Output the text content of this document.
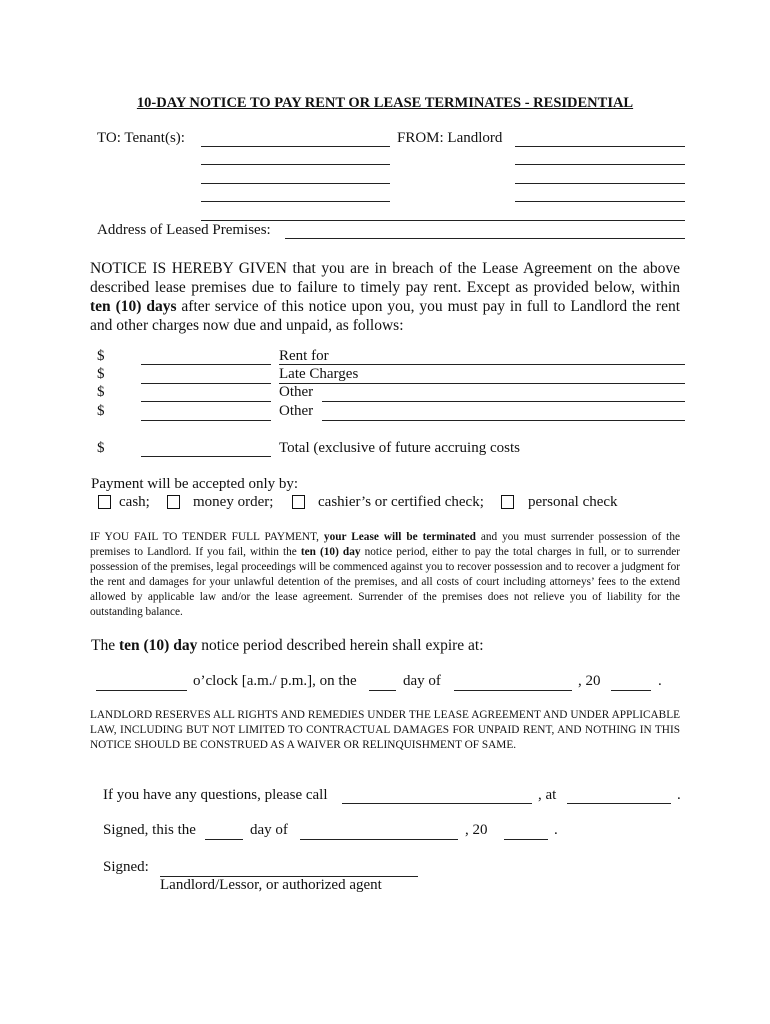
10-DAY NOTICE TO PAY RENT OR LEASE TERMINATES - RESIDENTIAL
TO: Tenant(s):	FROM: Landlord
Address of Leased Premises:
NOTICE IS HEREBY GIVEN that you are in breach of the Lease Agreement on the above described lease premises due to failure to timely pay rent. Except as provided below, within ten (10) days after service of this notice upon you, you must pay in full to Landlord the rent and other charges now due and unpaid, as follows:
$	Rent for
$	Late Charges
$	Other
$	Other
$	Total (exclusive of future accruing costs
Payment will be accepted only by:
cash;	money order;	cashier’s or certified check;	personal check
IF YOU FAIL TO TENDER FULL PAYMENT, your Lease will be terminated and you must surrender possession of the premises to Landlord. If you fail, within the ten (10) day notice period, either to pay the total charges in full, or to surrender possession of the premises, legal proceedings will be commenced against you to recover possession and to recover a judgment for the rent and damages for your unlawful detention of the premises, and all costs of court including attorneys’ fees to the extend allowed by applicable law and/or the lease agreement. Surrender of the premises does not relieve you of liability for the outstanding balance.
The ten (10) day notice period described herein shall expire at:
o’clock [a.m./ p.m.], on the	day of	, 20	.
LANDLORD RESERVES ALL RIGHTS AND REMEDIES UNDER THE LEASE AGREEMENT AND UNDER APPLICABLE LAW, INCLUDING BUT NOT LIMITED TO CONTRACTUAL DAMAGES FOR UNPAID RENT, AND NOTHING IN THIS NOTICE SHOULD BE CONSTRUED AS A WAIVER OR RELINQUISHMENT OF SAME.
If you have any questions, please call	, at	.
Signed, this the	day of	, 20	.
Signed:
Landlord/Lessor, or authorized agent
